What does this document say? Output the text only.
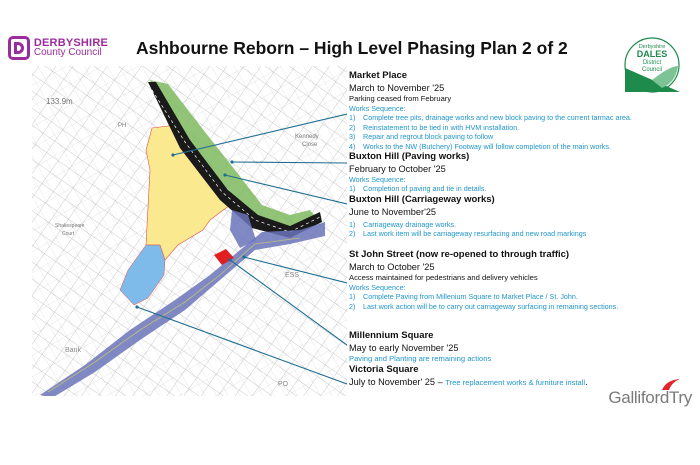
DERBYSHIRE
County Council	Ashbourne Reborn – High Level Phasing Plan 2 of 2	Derbyshire
DALES
District
Council
133.9m
Kennedy
Close
PH
Shakespeare
Court
Bank
PO
ESS
Market Place
March to November '25
Parking ceased from February
Works Sequence:
1) Complete tree pits, drainage works and new block paving to the current tarmac area.
2) Reinstatement to be tied in with HVM installation.
3) Repair and regrout block paving to follow
4) Works to the NW (Butchery) Footway will follow completion of the main works.
Buxton Hill (Paving works)
February to October '25
Works Sequence:
1) Completion of paving and tie in details.
Buxton Hill (Carriageway works)
June to November'25
1) Carriageway drainage works.
2) Last work item will be carriageway resurfacing and new road markings
St John Street (now re-opened to through traffic)
March to October '25
Access maintained for pedestrians and delivery vehicles
Works Sequence:
1) Complete Paving from Millenium Square to Market Place / St. John.
2) Last work action will be to carry out carriageway surfacing in remaining sections.
Millennium Square
May to early November '25
Paving and Planting are remaining actions
Victoria Square
July to November' 25 – Tree replacement works & furniture install.
GallifordTry
